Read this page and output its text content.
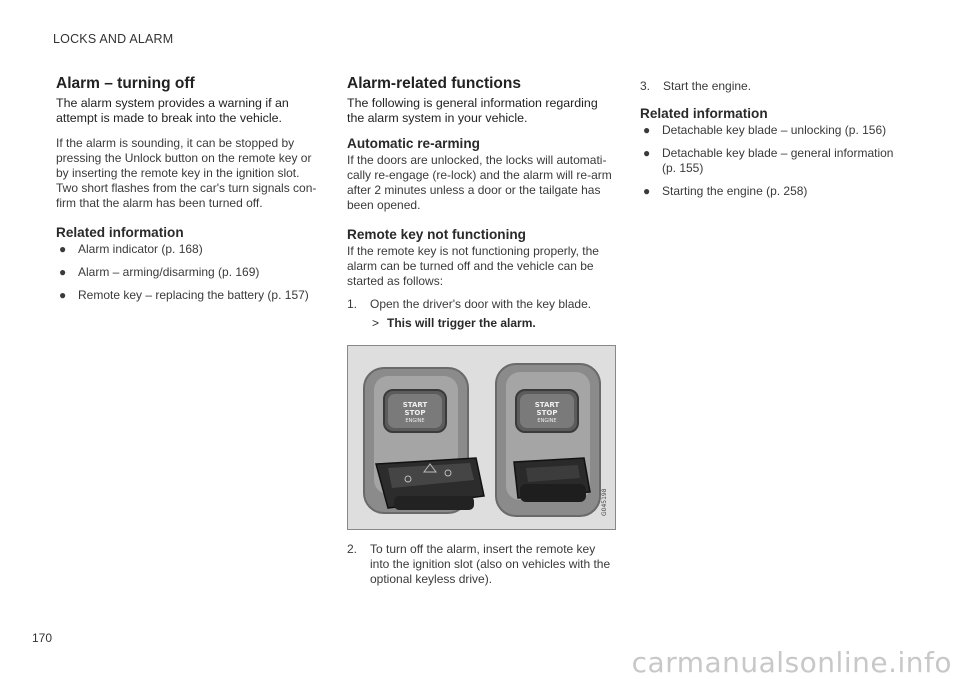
LOCKS AND ALARM
Alarm – turning off

The alarm system provides a warning if an attempt is made to break into the vehicle.

If the alarm is sounding, it can be stopped by pressing the Unlock button on the remote key or by inserting the remote key in the ignition slot. Two short flashes from the car's turn signals con-firm that the alarm has been turned off.

Related information
● Alarm indicator (p. 168)
● Alarm – arming/disarming (p. 169)
● Remote key – replacing the battery (p. 157)
Alarm-related functions

The following is general information regarding the alarm system in your vehicle.

Automatic re-arming

If the doors are unlocked, the locks will automati-cally re-engage (re-lock) and the alarm will re-arm after 2 minutes unless a door or the tailgate has been opened.

Remote key not functioning

If the remote key is not functioning properly, the alarm can be turned off and the vehicle can be started as follows:

1. Open the driver's door with the key blade.
> This will trigger the alarm.
START
STOP
ENGINE
START
STOP
ENGINE
G045198
2. To turn off the alarm, insert the remote key into the ignition slot (also on vehicles with the optional keyless drive).
3. Start the engine.
Related information
● Detachable key blade – unlocking (p. 156)
● Detachable key blade – general information (p. 155)
● Starting the engine (p. 258)
170
carmanualsonline.info
